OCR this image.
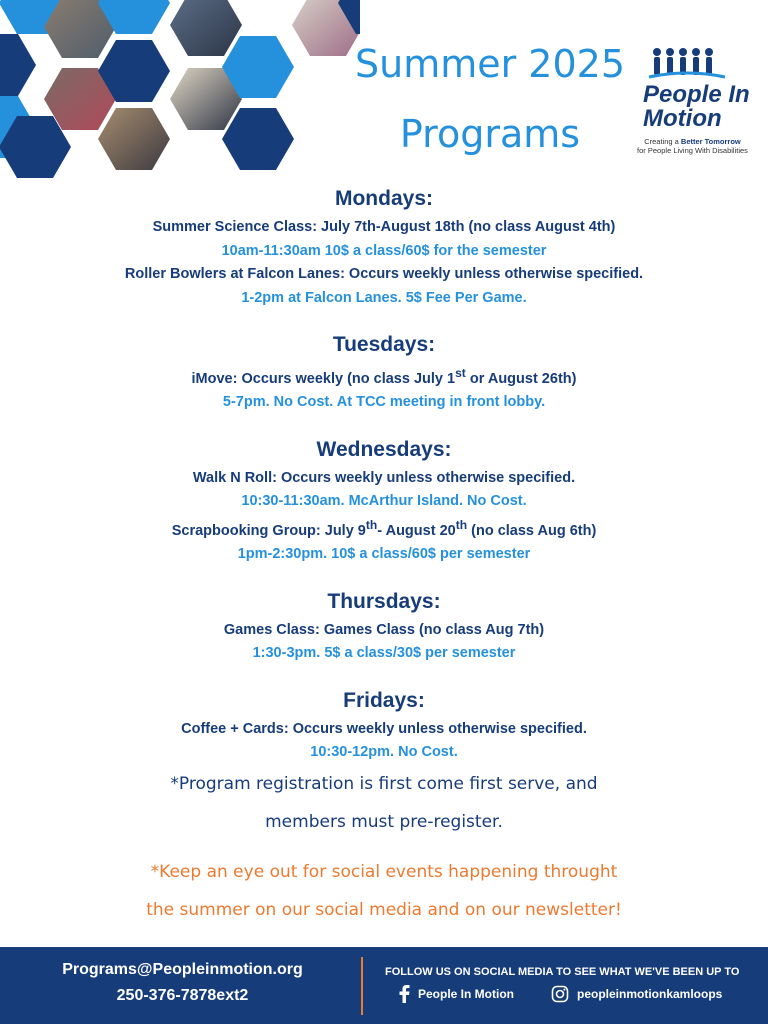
Summer 2025
Programs
People In Motion
Creating a Better Tomorrow
for People Living With Disabilities
Mondays:

Summer Science Class: July 7th-August 18th (no class August 4th)

10am-11:30am 10$ a class/60$ for the semester

Roller Bowlers at Falcon Lanes: Occurs weekly unless otherwise specified.

1-2pm at Falcon Lanes. 5$ Fee Per Game.

Tuesdays:

iMove: Occurs weekly (no class July 1st or August 26th)

5-7pm. No Cost. At TCC meeting in front lobby.

Wednesdays:

Walk N Roll: Occurs weekly unless otherwise specified.

10:30-11:30am. McArthur Island. No Cost.

Scrapbooking Group: July 9th- August 20th (no class Aug 6th)

1pm-2:30pm. 10$ a class/60$ per semester

Thursdays:

Games Class: Games Class (no class Aug 7th)

1:30-3pm. 5$ a class/30$ per semester

Fridays:

Coffee + Cards: Occurs weekly unless otherwise specified.

10:30-12pm. No Cost.

*Program registration is first come first serve, and
members must pre-register.
*Keep an eye out for social events happening throught
the summer on our social media and on our newsletter!
Programs@Peopleinmotion.org
250-376-7878ext2
FOLLOW US ON SOCIAL MEDIA TO SEE WHAT WE'VE BEEN UP TO
People In Motion	peopleinmotionkamloops
